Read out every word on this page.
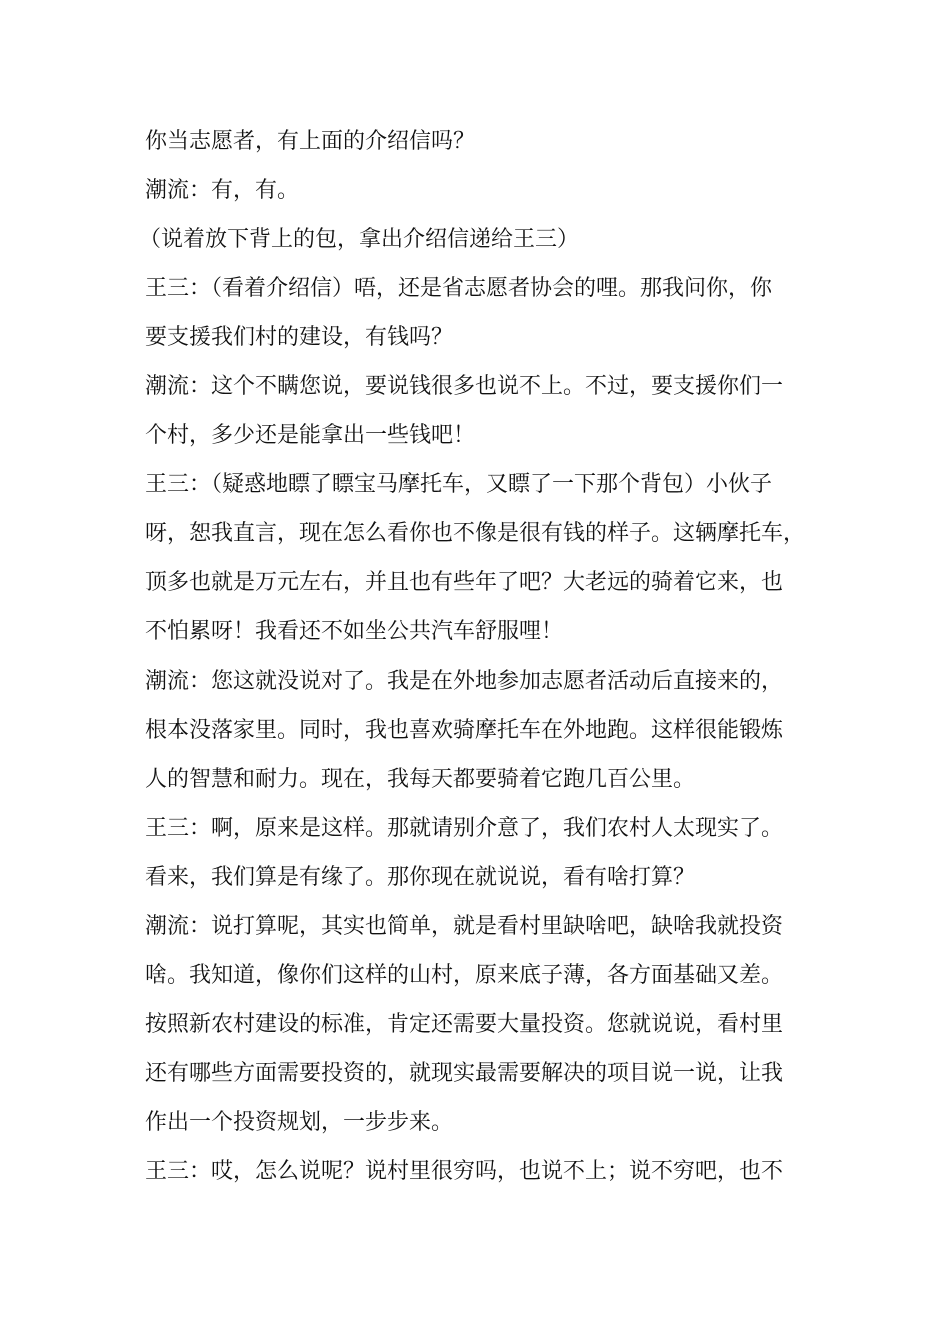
你当志愿者，有上面的介绍信吗？
潮流：有，有。
（说着放下背上的包，拿出介绍信递给王三）
王三：（看着介绍信）唔，还是省志愿者协会的哩。那我问你，你
要支援我们村的建设，有钱吗？
潮流：这个不瞒您说，要说钱很多也说不上。不过，要支援你们一
个村，多少还是能拿出一些钱吧！
王三：（疑惑地瞟了瞟宝马摩托车，又瞟了一下那个背包）小伙子
呀，恕我直言，现在怎么看你也不像是很有钱的样子。这辆摩托车，
顶多也就是万元左右，并且也有些年了吧？大老远的骑着它来，也
不怕累呀！我看还不如坐公共汽车舒服哩！
潮流：您这就没说对了。我是在外地参加志愿者活动后直接来的，
根本没落家里。同时，我也喜欢骑摩托车在外地跑。这样很能锻炼
人的智慧和耐力。现在，我每天都要骑着它跑几百公里。
王三：啊，原来是这样。那就请别介意了，我们农村人太现实了。
看来，我们算是有缘了。那你现在就说说，看有啥打算？
潮流：说打算呢，其实也简单，就是看村里缺啥吧，缺啥我就投资
啥。我知道，像你们这样的山村，原来底子薄，各方面基础又差。
按照新农村建设的标准，肯定还需要大量投资。您就说说，看村里
还有哪些方面需要投资的，就现实最需要解决的项目说一说，让我
作出一个投资规划，一步步来。
王三：哎，怎么说呢？说村里很穷吗，也说不上；说不穷吧，也不
